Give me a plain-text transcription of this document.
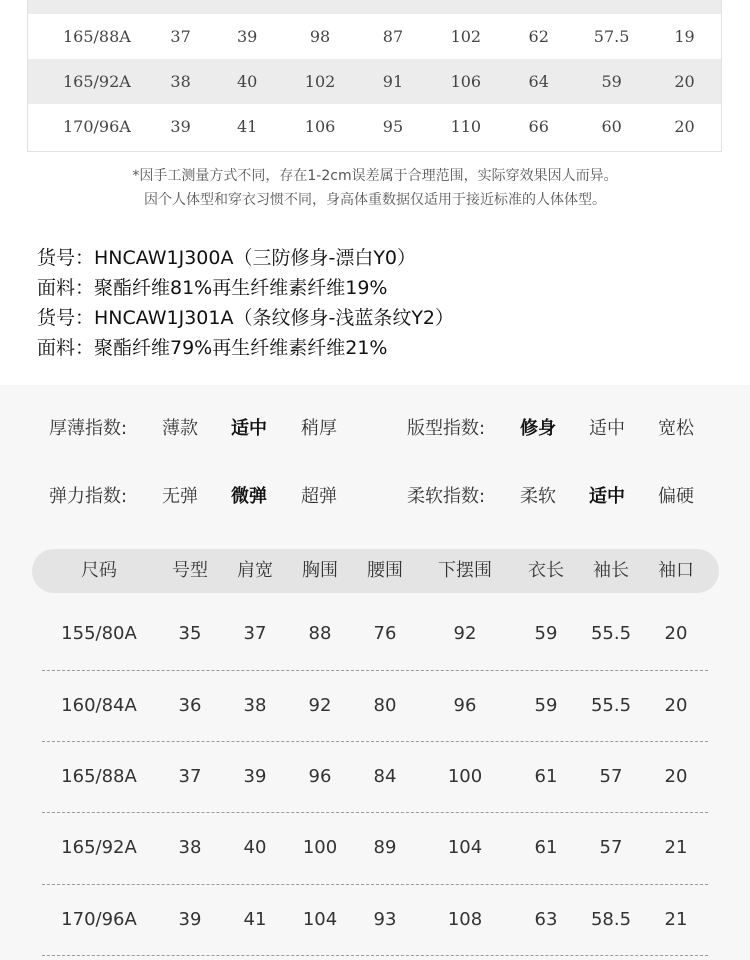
165/88A	37	39	98	87	102	62	57.5	19
165/92A	38	40	102	91	106	64	59	20
170/96A	39	41	106	95	110	66	60	20
*因手工测量方式不同，存在1-2cm误差属于合理范围，实际穿效果因人而异。
因个人体型和穿衣习惯不同，身高体重数据仅适用于接近标准的人体体型。
货号：HNCAW1J300A（三防修身-漂白Y0）
面料：聚酯纤维81%再生纤维素纤维19%
货号：HNCAW1J301A（条纹修身-浅蓝条纹Y2）
面料：聚酯纤维79%再生纤维素纤维21%
厚薄指数: 薄款 适中 稍厚	版型指数: 修身 适中 宽松
弹力指数: 无弹 微弹 超弹	柔软指数: 柔软 适中 偏硬
尺码	号型 肩宽 胸围 腰围 下摆围 衣长 袖长 袖口
155/80A 35 37 88 76	92	59 55.5 20
160/84A 36 38 92 80	96	59 55.5 20
165/88A 37 39 96 84	100	61 57 20
165/92A 38 40 100 89	104	61 57 21
170/96A 39 41 104 93	108	63 58.5 21
